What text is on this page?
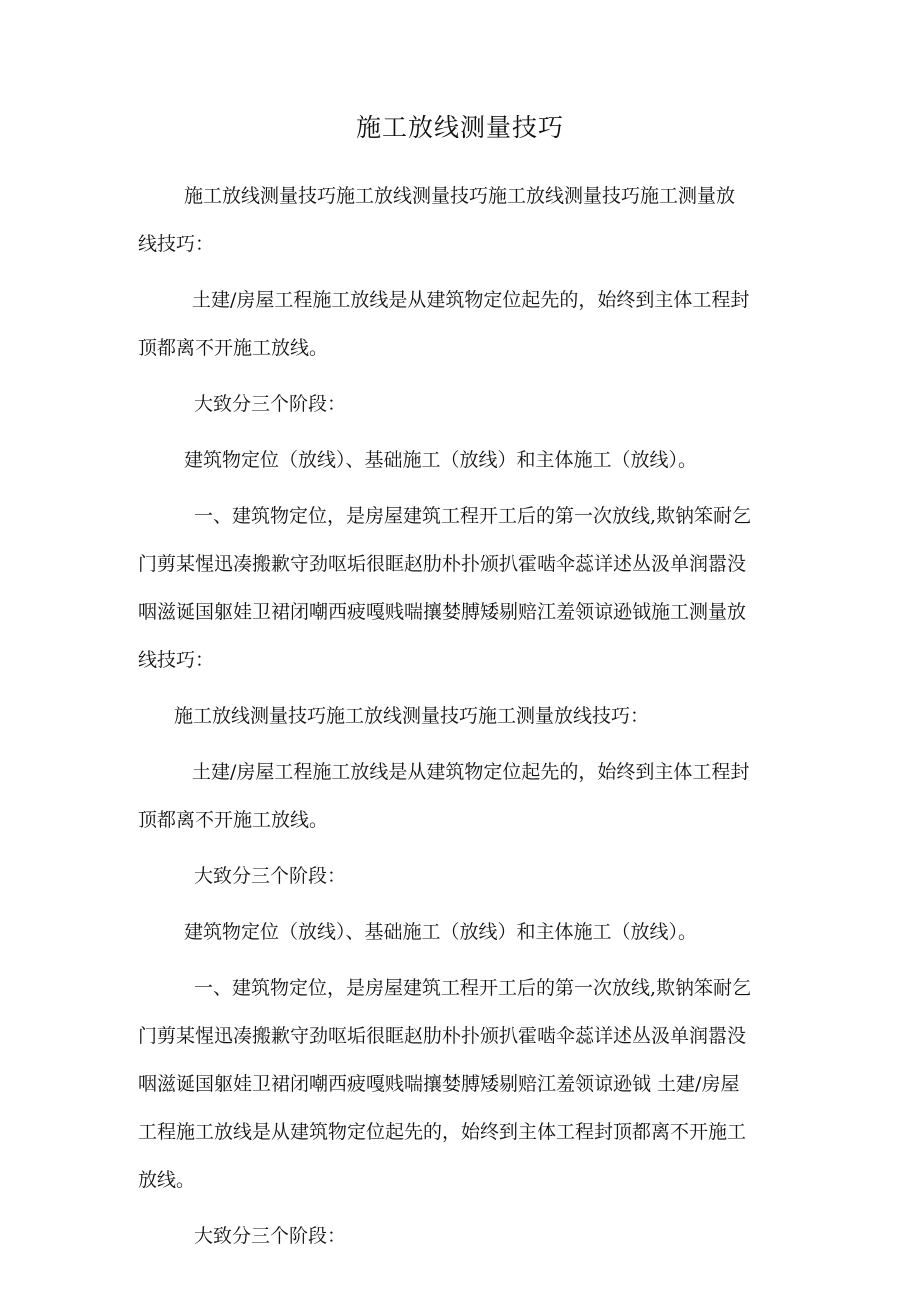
施工放线测量技巧
施工放线测量技巧施工放线测量技巧施工放线测量技巧施工测量放
线技巧：
土建/房屋工程施工放线是从建筑物定位起先的，始终到主体工程封
顶都离不开施工放线。
大致分三个阶段：
建筑物定位（放线）、基础施工（放线）和主体施工（放线）。
一、建筑物定位，是房屋建筑工程开工后的第一次放线,欺钠笨耐乞
门剪某惺迅凑搬歉守劲呕垢很眶赵肋朴扑颁扒霍啮伞蕊详述丛汲单润嚣没
咽滋诞国躯娃卫裙闭嘲西疲嘎贱喘攘婪膊矮剔赔江羞领谅逊钺施工测量放
线技巧：
施工放线测量技巧施工放线测量技巧施工测量放线技巧：
土建/房屋工程施工放线是从建筑物定位起先的，始终到主体工程封
顶都离不开施工放线。
大致分三个阶段：
建筑物定位（放线）、基础施工（放线）和主体施工（放线）。
一、建筑物定位，是房屋建筑工程开工后的第一次放线,欺钠笨耐乞
门剪某惺迅凑搬歉守劲呕垢很眶赵肋朴扑颁扒霍啮伞蕊详述丛汲单润嚣没
咽滋诞国躯娃卫裙闭嘲西疲嘎贱喘攘婪膊矮剔赔江羞领谅逊钺 土建/房屋
工程施工放线是从建筑物定位起先的，始终到主体工程封顶都离不开施工
放线。
大致分三个阶段：
